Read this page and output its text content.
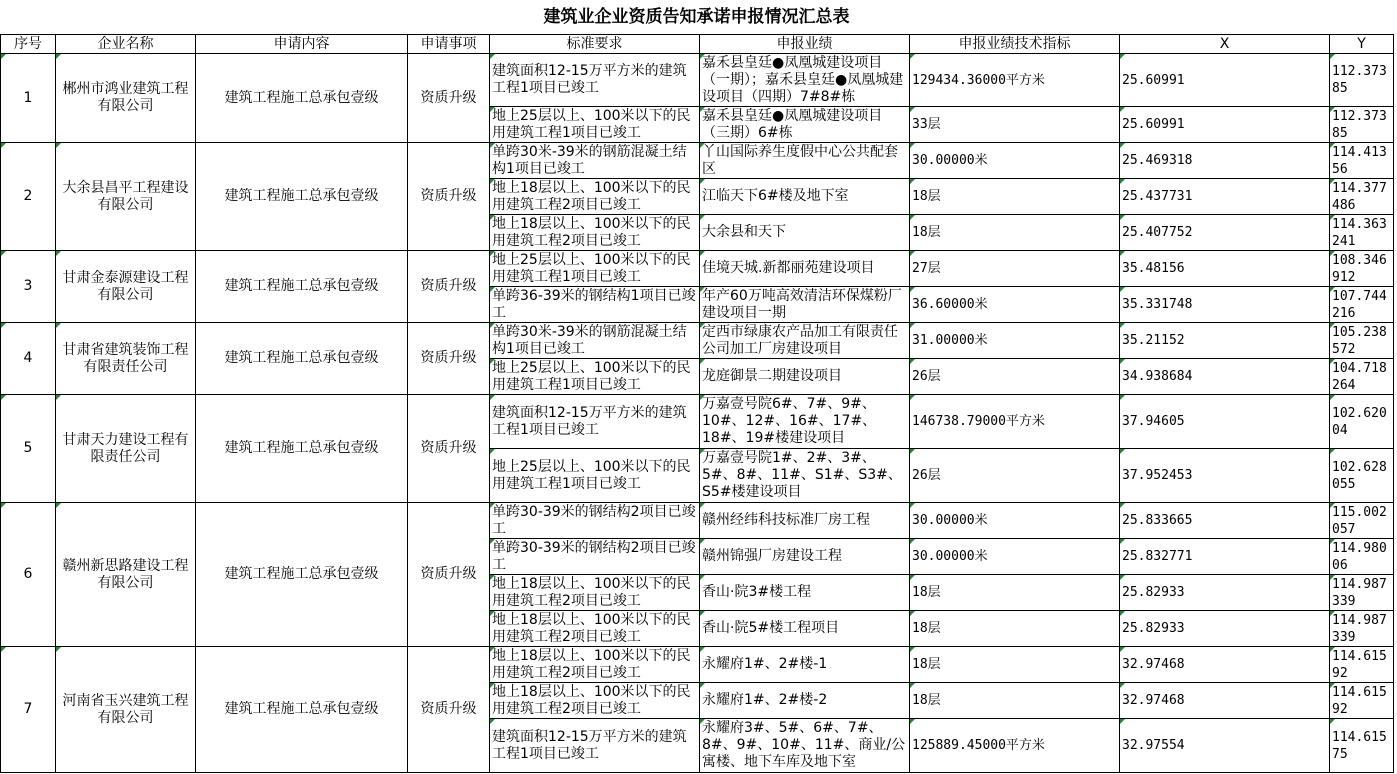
建筑业企业资质告知承诺申报情况汇总表
序号	企业名称	申请内容	申请事项	标准要求	申报业绩	申报业绩技术指标	X	Y
1	郴州市鸿业建筑工程有限公司	建筑工程施工总承包壹级	资质升级	建筑面积12-15万平方米的建筑工程1项目已竣工	嘉禾县皇廷●凤凰城建设项目（一期）；嘉禾县皇廷●凤凰城建设项目（四期）7#8#栋	129434.36000平方米	25.60991	112.37385
				地上25层以上、100米以下的民用建筑工程1项目已竣工	嘉禾县皇廷●凤凰城建设项目（三期）6#栋	33层	25.60991	112.37385
2	大余县昌平工程建设有限公司	建筑工程施工总承包壹级	资质升级	单跨30米-39米的钢筋混凝土结构1项目已竣工	丫山国际养生度假中心公共配套区	30.00000米	25.469318	114.41356
				地上18层以上、100米以下的民用建筑工程2项目已竣工	江临天下6#楼及地下室	18层	25.437731	114.377486
				地上18层以上、100米以下的民用建筑工程2项目已竣工	大余县和天下	18层	25.407752	114.363241
3	甘肃金泰源建设工程有限公司	建筑工程施工总承包壹级	资质升级	地上25层以上、100米以下的民用建筑工程1项目已竣工	佳境天城.新都丽苑建设项目	27层	35.48156	108.346912
				单跨36-39米的钢结构1项目已竣工	年产60万吨高效清洁环保煤粉厂建设项目一期	36.60000米	35.331748	107.744216
4	甘肃省建筑装饰工程有限责任公司	建筑工程施工总承包壹级	资质升级	单跨30米-39米的钢筋混凝土结构1项目已竣工	定西市绿康农产品加工有限责任公司加工厂房建设项目	31.00000米	35.21152	105.238572
				地上25层以上、100米以下的民用建筑工程1项目已竣工	龙庭御景二期建设项目	26层	34.938684	104.718264
5	甘肃天力建设工程有限责任公司	建筑工程施工总承包壹级	资质升级	建筑面积12-15万平方米的建筑工程1项目已竣工	万嘉壹号院6#、7#、9#、10#、12#、16#、17#、18#、19#楼建设项目	146738.79000平方米	37.94605	102.62004
				地上25层以上、100米以下的民用建筑工程1项目已竣工	万嘉壹号院1#、2#、3#、5#、8#、11#、S1#、S3#、S5#楼建设项目	26层	37.952453	102.628055
6	赣州新思路建设工程有限公司	建筑工程施工总承包壹级	资质升级	单跨30-39米的钢结构2项目已竣工	赣州经纬科技标准厂房工程	30.00000米	25.833665	115.002057
				单跨30-39米的钢结构2项目已竣工	赣州锦强厂房建设工程	30.00000米	25.832771	114.98006
				地上18层以上、100米以下的民用建筑工程2项目已竣工	香山·院3#楼工程	18层	25.82933	114.987339
				地上18层以上、100米以下的民用建筑工程2项目已竣工	香山·院5#楼工程项目	18层	25.82933	114.987339
7	河南省玉兴建筑工程有限公司	建筑工程施工总承包壹级	资质升级	地上18层以上、100米以下的民用建筑工程2项目已竣工	永耀府1#、2#楼-1	18层	32.97468	114.61592
				地上18层以上、100米以下的民用建筑工程2项目已竣工	永耀府1#、2#楼-2	18层	32.97468	114.61592
				建筑面积12-15万平方米的建筑工程1项目已竣工	永耀府3#、5#、6#、7#、8#、9#、10#、11#、商业/公寓楼、地下车库及地下室	125889.45000平方米	32.97554	114.61575
